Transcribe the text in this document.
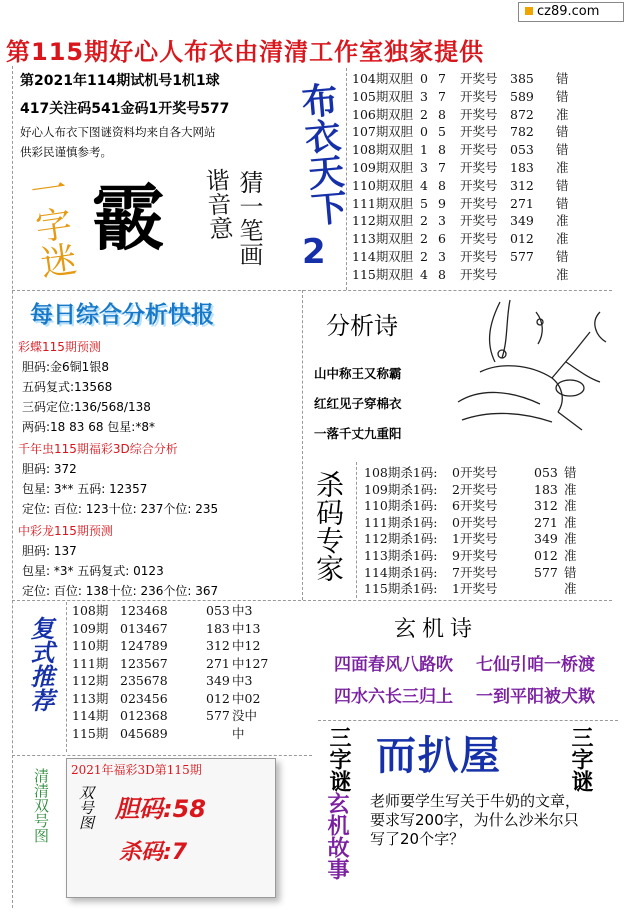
cz89.com
第115期好心人布衣由清清工作室独家提供
第2021年114期试机号1机1球
417关注码541金码1开奖号577
好心人布衣下图谜资料均来自各大网站
供彩民谨慎参考。
一字迷 霰	猜一笔画
谐音意 布衣天下
2
104期 双胆 0 7 开奖号 385 错
105期 双胆 3 7 开奖号 589 错
106期 双胆 2 8 开奖号 872 准
107期 双胆 0 5 开奖号 782 错
108期 双胆 1 8 开奖号 053 错
109期 双胆 3 7 开奖号 183 准
110期 双胆 4 8 开奖号 312 错
111期 双胆 5 9 开奖号 271 错
112期 双胆 2 3 开奖号 349 准
113期 双胆 2 6 开奖号 012 准
114期 双胆 2 3 开奖号 577 错
115期 双胆 4 8 开奖号	准
每日综合分析快报
彩蝶115期预测
胆码:金6铜1银8
五码复式:13568
三码定位:136/568/138
两码:18 83 68 包星:*8*
千年虫115期福彩3D综合分析
胆码: 372
包星: 3** 五码: 12357
定位: 百位: 123十位: 237个位: 235
中彩龙115期预测
胆码: 137
包星: *3* 五码复式: 0123
定位: 百位: 138十位: 236个位: 367
分析诗
山中称王又称霸
红红见子穿棉衣
一落千丈九重阳
杀码专家 108期杀1码: 0开奖号	053 错
109期杀1码: 2开奖号	183 准
110期杀1码: 6开奖号	312 准
111期杀1码: 0开奖号	271 准
112期杀1码: 1开奖号	349 准
113期杀1码: 9开奖号	012 准
114期杀1码: 7开奖号	577 错
115期杀1码: 1开奖号	准
复式推荐
108期 123468	053 中3
109期 013467	183 中13
110期 124789	312 中12
111期 123567	271 中127
112期 235678	349 中3
113期 023456	012 中02
114期 012368	577 没中
115期 045689	中
玄机诗
四面春风八路吹 七仙引咱一桥渡
四水六长三归上 一到平阳被犬欺
三字谜 而扒屋	三字谜
玄机故事 老师要学生写关于牛奶的文章，要求写200字，为什么沙米尔只写了20个字？
清清双号图 2021年福彩3D第115期
双号图 胆码:58
杀码:7
